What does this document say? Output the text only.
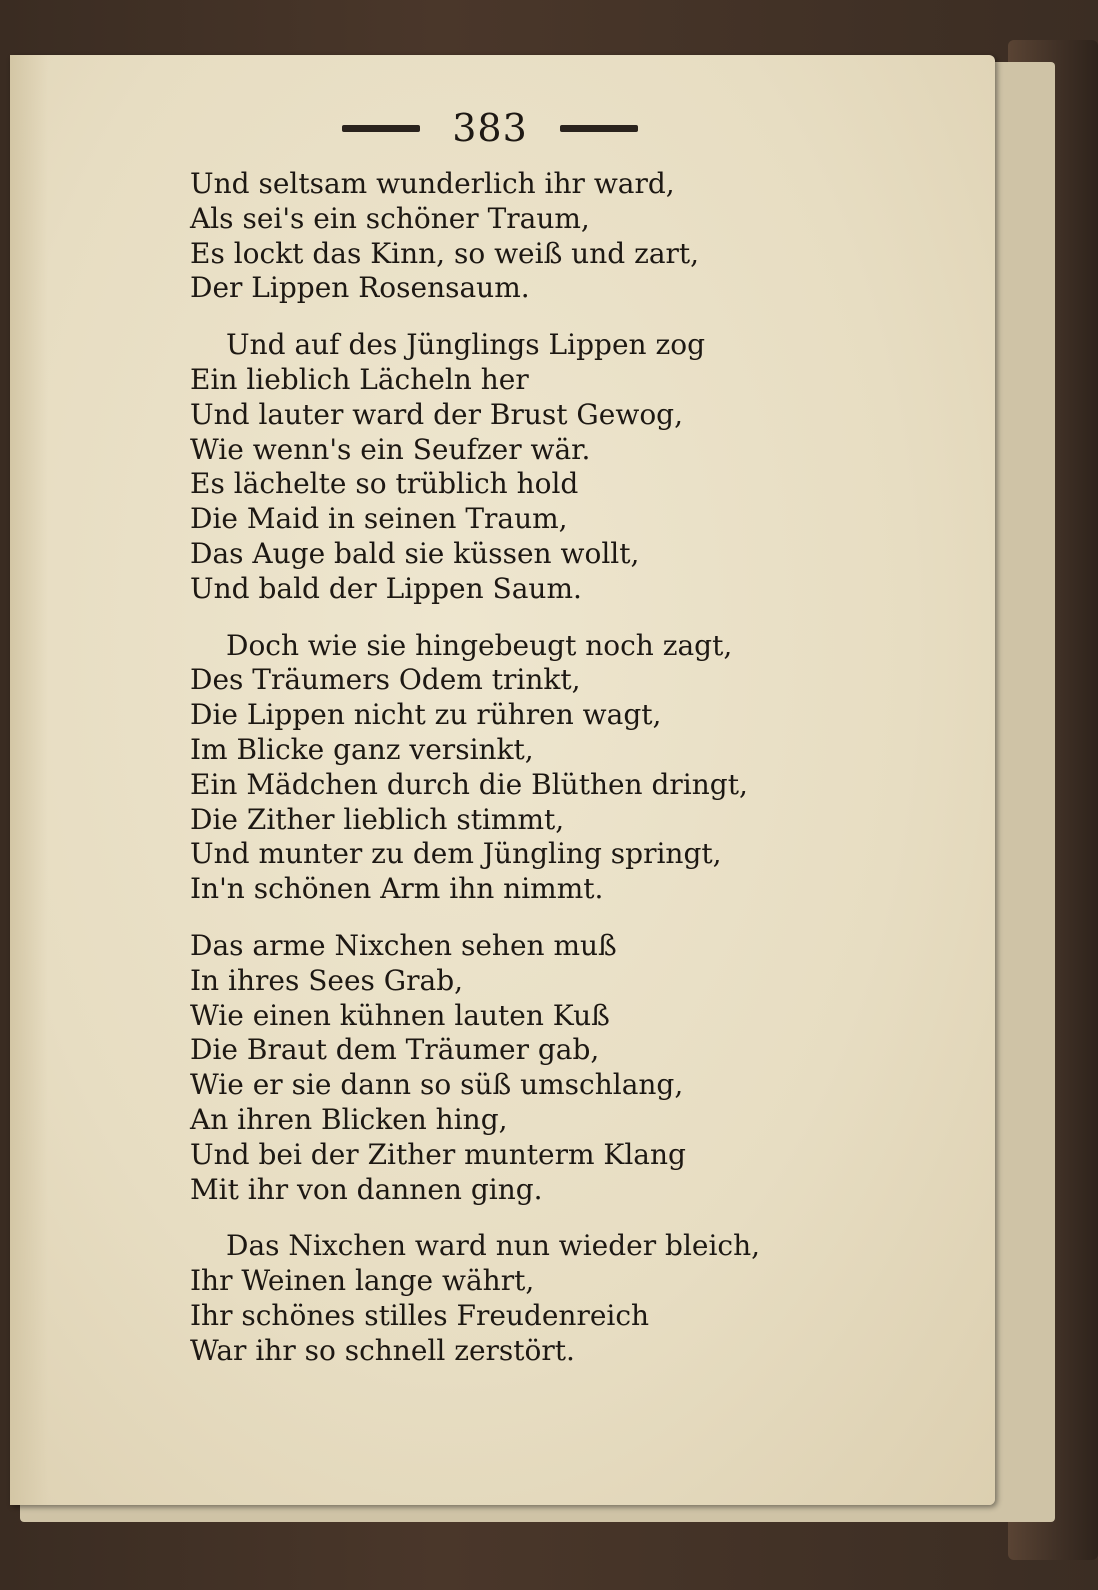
383
Und seltsam wunderlich ihr ward,
Als sei's ein schöner Traum,
Es lockt das Kinn, so weiß und zart,
Der Lippen Rosensaum.
Und auf des Jünglings Lippen zog
Ein lieblich Lächeln her
Und lauter ward der Brust Gewog,
Wie wenn's ein Seufzer wär.
Es lächelte so trüblich hold
Die Maid in seinen Traum,
Das Auge bald sie küssen wollt,
Und bald der Lippen Saum.
Doch wie sie hingebeugt noch zagt,
Des Träumers Odem trinkt,
Die Lippen nicht zu rühren wagt,
Im Blicke ganz versinkt,
Ein Mädchen durch die Blüthen dringt,
Die Zither lieblich stimmt,
Und munter zu dem Jüngling springt,
In'n schönen Arm ihn nimmt.
Das arme Nixchen sehen muß
In ihres Sees Grab,
Wie einen kühnen lauten Kuß
Die Braut dem Träumer gab,
Wie er sie dann so süß umschlang,
An ihren Blicken hing,
Und bei der Zither munterm Klang
Mit ihr von dannen ging.
Das Nixchen ward nun wieder bleich,
Ihr Weinen lange währt,
Ihr schönes stilles Freudenreich
War ihr so schnell zerstört.
